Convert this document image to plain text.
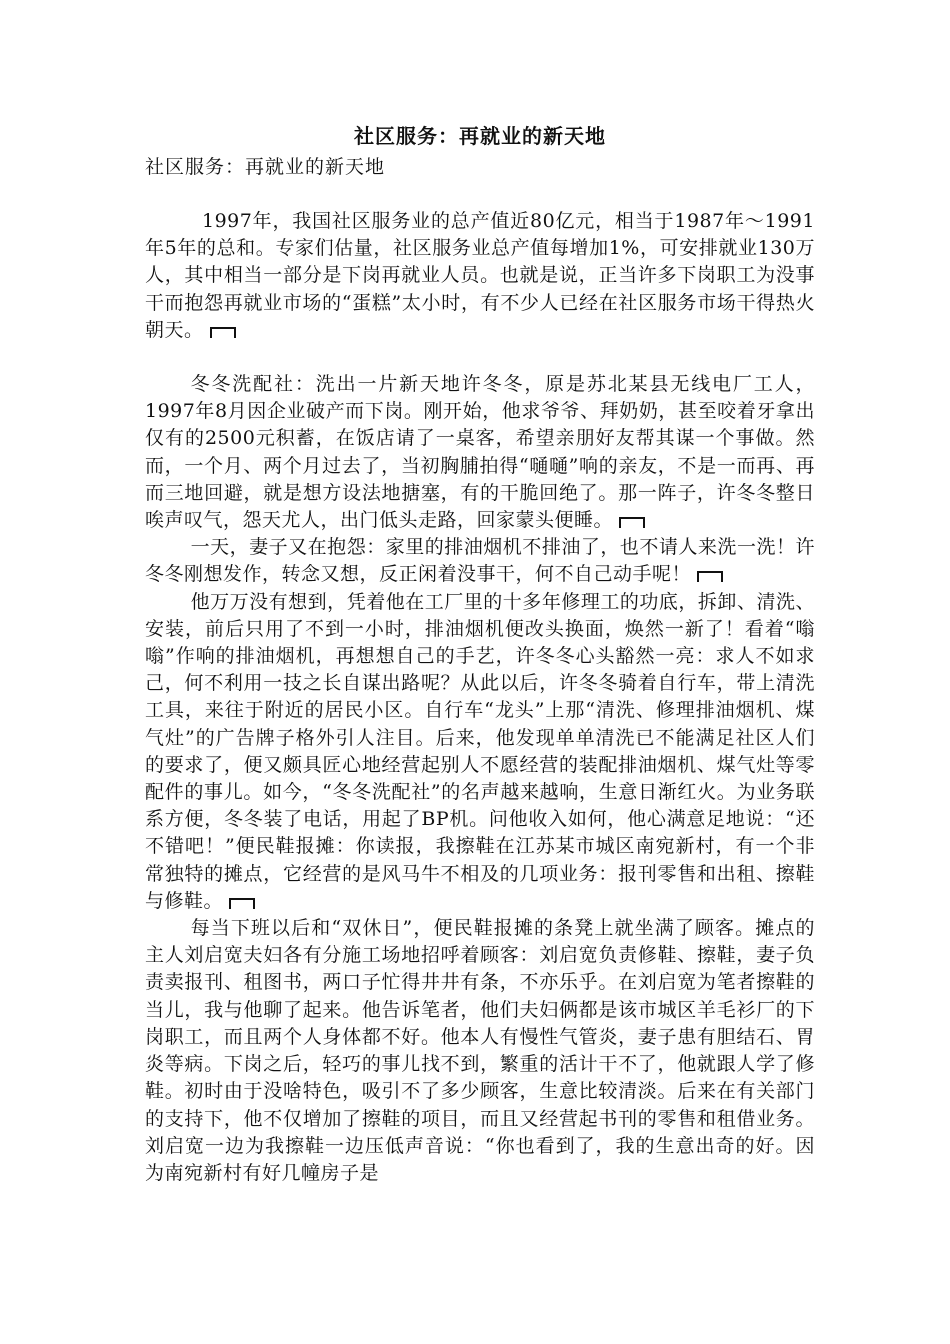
社区服务：再就业的新天地

社区服务：再就业的新天地

1997年，我国社区服务业的总产值近80亿元，相当于1987年～1991年5年的总和。专家们估量，社区服务业总产值每增加1%，可安排就业130万人，其中相当一部分是下岗再就业人员。也就是说，正当许多下岗职工为没事干而抱怨再就业市场的“蛋糕”太小时，有不少人已经在社区服务市场干得热火朝天。

冬冬洗配社：洗出一片新天地许冬冬，原是苏北某县无线电厂工人，1997年8月因企业破产而下岗。刚开始，他求爷爷、拜奶奶，甚至咬着牙拿出仅有的2500元积蓄，在饭店请了一桌客，希望亲朋好友帮其谋一个事做。然而，一个月、两个月过去了，当初胸脯拍得“嗵嗵”响的亲友，不是一而再、再而三地回避，就是想方设法地搪塞，有的干脆回绝了。那一阵子，许冬冬整日唉声叹气，怨天尤人，出门低头走路，回家蒙头便睡。

一天，妻子又在抱怨：家里的排油烟机不排油了，也不请人来洗一洗！许冬冬刚想发作，转念又想，反正闲着没事干，何不自己动手呢！

他万万没有想到，凭着他在工厂里的十多年修理工的功底，拆卸、清洗、安装，前后只用了不到一小时，排油烟机便改头换面，焕然一新了！看着“嗡嗡”作响的排油烟机，再想想自己的手艺，许冬冬心头豁然一亮：求人不如求己，何不利用一技之长自谋出路呢？从此以后，许冬冬骑着自行车，带上清洗工具，来往于附近的居民小区。自行车“龙头”上那“清洗、修理排油烟机、煤气灶”的广告牌子格外引人注目。后来，他发现单单清洗已不能满足社区人们的要求了，便又颇具匠心地经营起别人不愿经营的装配排油烟机、煤气灶等零配件的事儿。如今，“冬冬洗配社”的名声越来越响，生意日渐红火。为业务联系方便，冬冬装了电话，用起了BP机。问他收入如何，他心满意足地说：“还不错吧！”便民鞋报摊：你读报，我擦鞋在江苏某市城区南宛新村，有一个非常独特的摊点，它经营的是风马牛不相及的几项业务：报刊零售和出租、擦鞋与修鞋。

每当下班以后和“双休日”，便民鞋报摊的条凳上就坐满了顾客。摊点的主人刘启宽夫妇各有分施工场地招呼着顾客：刘启宽负责修鞋、擦鞋，妻子负责卖报刊、租图书，两口子忙得井井有条，不亦乐乎。在刘启宽为笔者擦鞋的当儿，我与他聊了起来。他告诉笔者，他们夫妇俩都是该市城区羊毛衫厂的下岗职工，而且两个人身体都不好。他本人有慢性气管炎，妻子患有胆结石、胃炎等病。下岗之后，轻巧的事儿找不到，繁重的活计干不了，他就跟人学了修鞋。初时由于没啥特色，吸引不了多少顾客，生意比较清淡。后来在有关部门的支持下，他不仅增加了擦鞋的项目，而且又经营起书刊的零售和租借业务。刘启宽一边为我擦鞋一边压低声音说：“你也看到了，我的生意出奇的好。因为南宛新村有好几幢房子是
